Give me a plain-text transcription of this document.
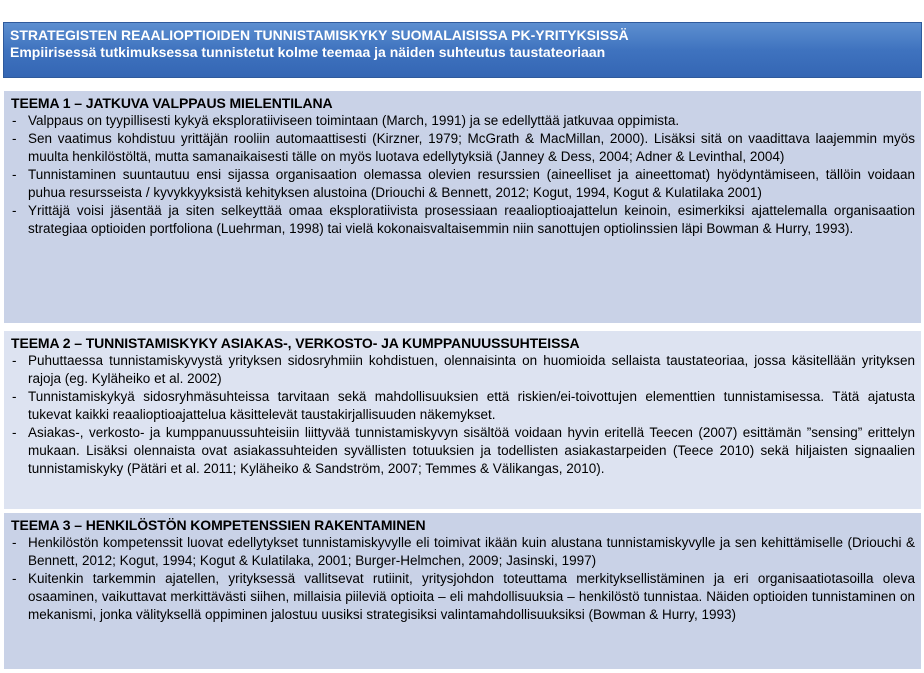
STRATEGISTEN REAALIOPTIOIDEN TUNNISTAMISKYKY SUOMALAISISSA PK-YRITYKSISSÄ
Empiirisessä tutkimuksessa tunnistetut kolme teemaa ja näiden suhteutus taustateoriaan
TEEMA 1 – JATKUVA VALPPAUS MIELENTILANA
- Valppaus on tyypillisesti kykyä eksploratiiviseen toimintaan (March, 1991) ja se edellyttää jatkuvaa oppimista.
- Sen vaatimus kohdistuu yrittäjän rooliin automaattisesti (Kirzner, 1979; McGrath & MacMillan, 2000). Lisäksi sitä on vaadittava laajemmin myös muulta henkilöstöltä, mutta samanaikaisesti tälle on myös luotava edellytyksiä (Janney & Dess, 2004; Adner & Levinthal, 2004)
- Tunnistaminen suuntautuu ensi sijassa organisaation olemassa olevien resurssien (aineelliset ja aineettomat) hyödyntämiseen, tällöin voidaan puhua resursseista / kyvykkyyksistä kehityksen alustoina (Driouchi & Bennett, 2012; Kogut, 1994, Kogut & Kulatilaka 2001)
- Yrittäjä voisi jäsentää ja siten selkeyttää omaa eksploratiivista prosessiaan reaalioptioajattelun keinoin, esimerkiksi ajattelemalla organisaation strategiaa optioiden portfoliona (Luehrman, 1998) tai vielä kokonaisvaltaisemmin niin sanottujen optiolinssien läpi Bowman & Hurry, 1993).
TEEMA 2 – TUNNISTAMISKYKY ASIAKAS-, VERKOSTO- JA KUMPPANUUSSUHTEISSA
- Puhuttaessa tunnistamiskyvystä yrityksen sidosryhmiin kohdistuen, olennaisinta on huomioida sellaista taustateoriaa, jossa käsitellään yrityksen rajoja (eg. Kyläheiko et al. 2002)
- Tunnistamiskykyä sidosryhmäsuhteissa tarvitaan sekä mahdollisuuksien että riskien/ei-toivottujen elementtien tunnistamisessa. Tätä ajatusta tukevat kaikki reaalioptioajattelua käsittelevät taustakirjallisuuden näkemykset.
- Asiakas-, verkosto- ja kumppanuussuhteisiin liittyvää tunnistamiskyvyn sisältöä voidaan hyvin eritellä Teecen (2007) esittämän ”sensing” erittelyn mukaan. Lisäksi olennaista ovat asiakassuhteiden syvällisten totuuksien ja todellisten asiakastarpeiden (Teece 2010) sekä hiljaisten signaalien tunnistamiskyky (Pätäri et al. 2011; Kyläheiko & Sandström, 2007; Temmes & Välikangas, 2010).
TEEMA 3 – HENKILÖSTÖN KOMPETENSSIEN RAKENTAMINEN
- Henkilöstön kompetenssit luovat edellytykset tunnistamiskyvylle eli toimivat ikään kuin alustana tunnistamiskyvylle ja sen kehittämiselle (Driouchi & Bennett, 2012; Kogut, 1994; Kogut & Kulatilaka, 2001; Burger-Helmchen, 2009; Jasinski, 1997)
- Kuitenkin tarkemmin ajatellen, yrityksessä vallitsevat rutiinit, yritysjohdon toteuttama merkityksellistäminen ja eri organisaatiotasoilla oleva osaaminen, vaikuttavat merkittävästi siihen, millaisia piileviä optioita – eli mahdollisuuksia – henkilöstö tunnistaa. Näiden optioiden tunnistaminen on mekanismi, jonka välityksellä oppiminen jalostuu uusiksi strategisiksi valintamahdollisuuksiksi (Bowman & Hurry, 1993)
